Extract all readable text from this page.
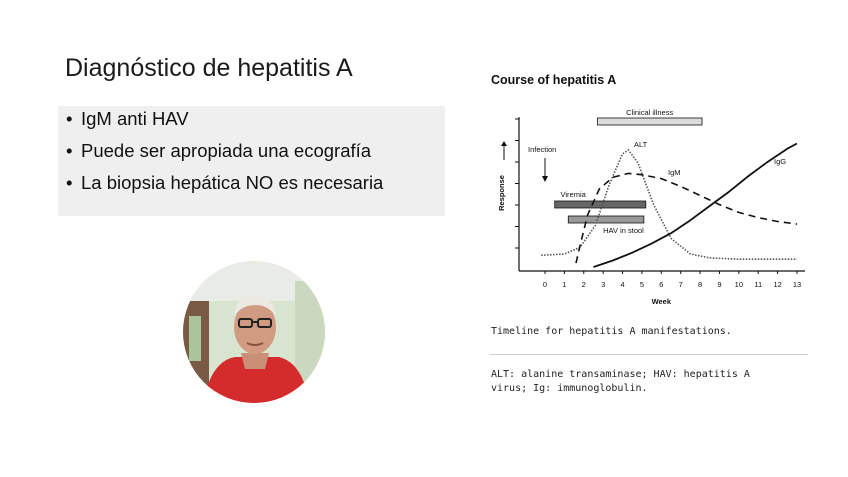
Diagnóstico de hepatitis A
• IgM anti HAV
• Puede ser apropiada una ecografía
• La biopsia hepática NO es necesaria
Course of hepatitis A
0 1 2 3 4 5 6 7 8 9 10 11 12 13
Week
Response
Clinical illness
Viremia
HAV in stool
Infection
ALT
IgM
IgG
Timeline for hepatitis A manifestations.
ALT: alanine transaminase; HAV: hepatitis A virus; Ig: immunoglobulin.
